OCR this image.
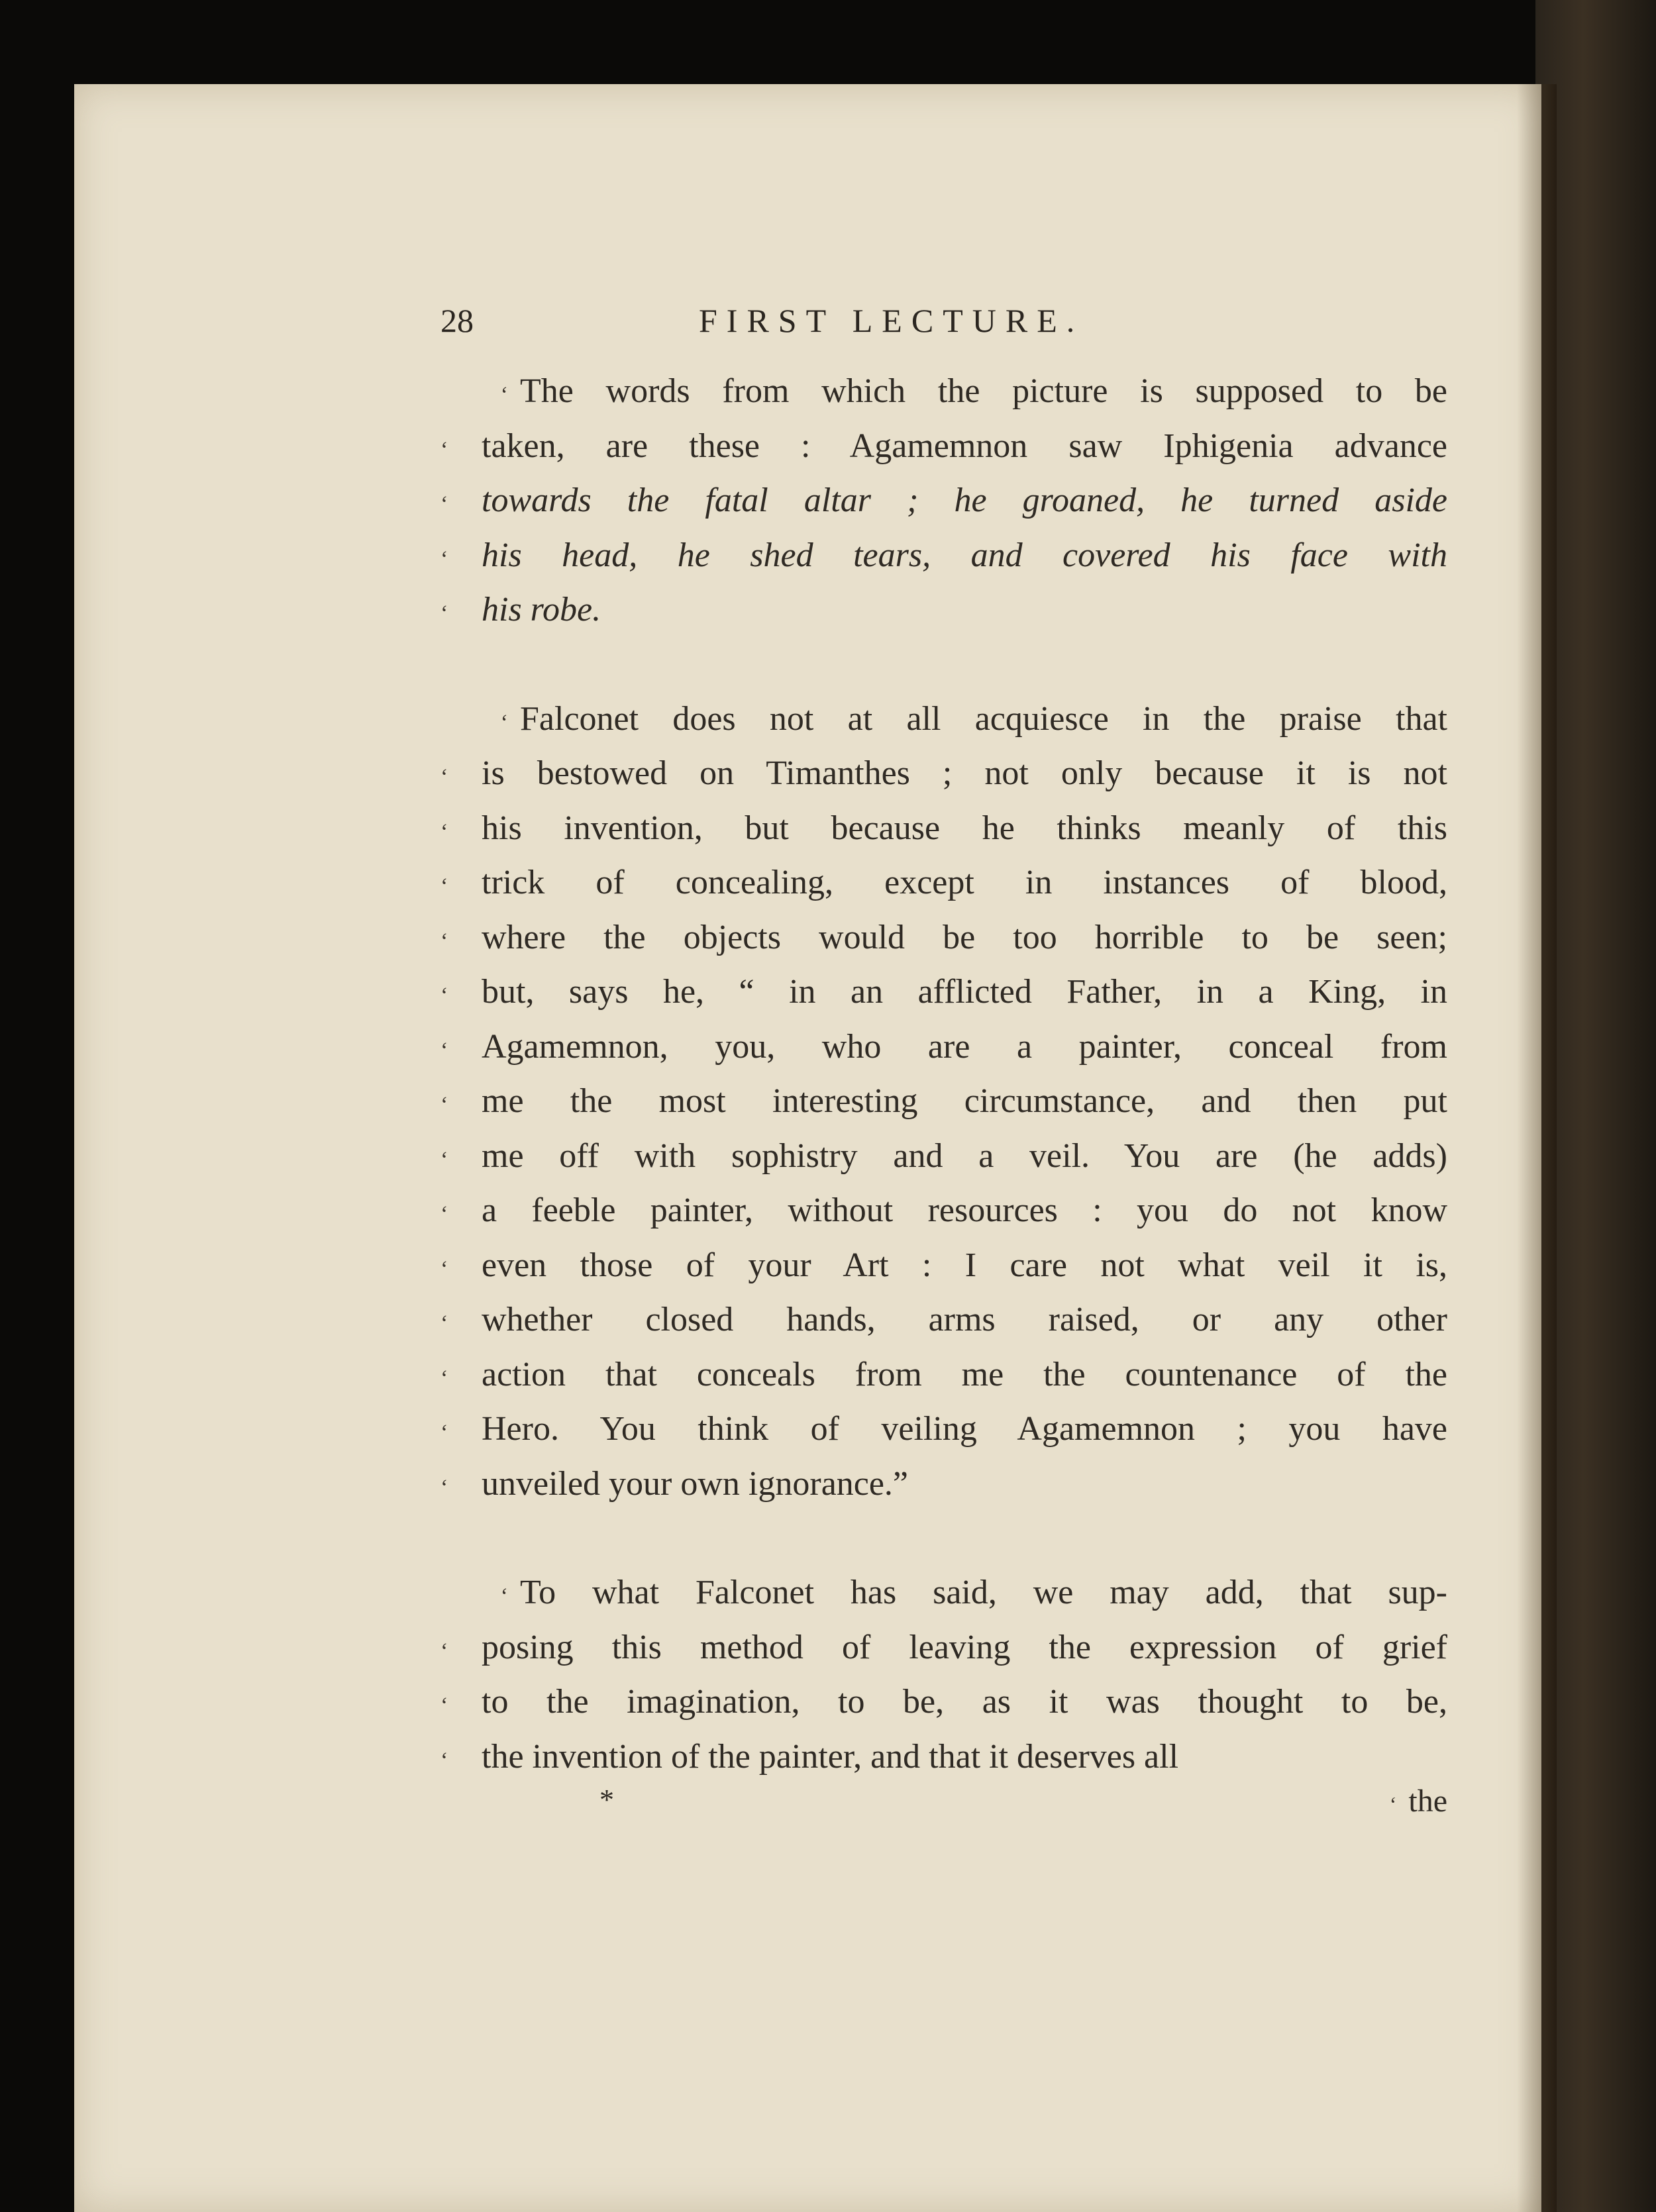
28	FIRST LECTURE.
‘ The words from which the picture is supposed to be
‘ taken, are these : Agamemnon saw Iphigenia advance
‘ towards the fatal altar ; he groaned, he turned aside
‘ his head, he shed tears, and covered his face with
‘ his robe.
‘ Falconet does not at all acquiesce in the praise that
‘ is bestowed on Timanthes ; not only because it is not
‘ his invention, but because he thinks meanly of this
‘ trick of concealing, except in instances of blood,
‘ where the objects would be too horrible to be seen;
‘ but, says he, “ in an afflicted Father, in a King, in
‘ Agamemnon, you, who are a painter, conceal from
‘ me the most interesting circumstance, and then put
‘ me off with sophistry and a veil. You are (he adds)
‘ a feeble painter, without resources : you do not know
‘ even those of your Art : I care not what veil it is,
‘ whether closed hands, arms raised, or any other
‘ action that conceals from me the countenance of the
‘ Hero. You think of veiling Agamemnon ; you have
‘ unveiled your own ignorance.”
‘ To what Falconet has said, we may add, that sup-
‘ posing this method of leaving the expression of grief
‘ to the imagination, to be, as it was thought to be,
‘ the invention of the painter, and that it deserves all
*	‘ the
